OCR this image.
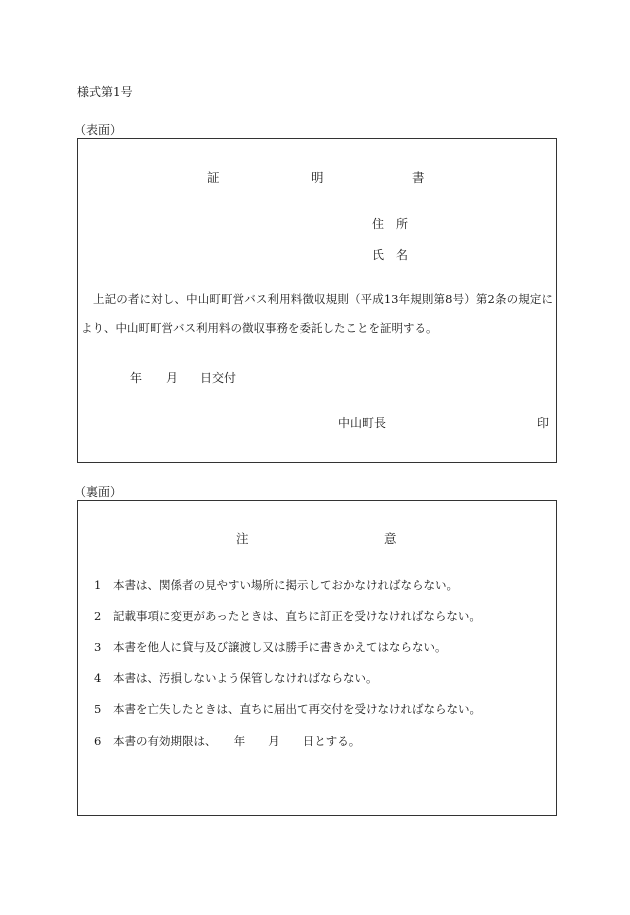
様式第1号
（表面）
証	明	書
住　所
氏　名
上記の者に対し、中山町町営バス利用料徴収規則（平成13年規則第8号）第2条の規定により、中山町町営バス利用料の徴収事務を委託したことを証明する。
年 月 日交付
中山町長	印
（裏面）
注	意
1 本書は、関係者の見やすい場所に掲示しておかなければならない。
2 記載事項に変更があったときは、直ちに訂正を受けなければならない。
3 本書を他人に貸与及び譲渡し又は勝手に書きかえてはならない。
4 本書は、汚損しないよう保管しなければならない。
5 本書を亡失したときは、直ちに届出て再交付を受けなければならない。
6 本書の有効期限は、　　年　　月　　日とする。
